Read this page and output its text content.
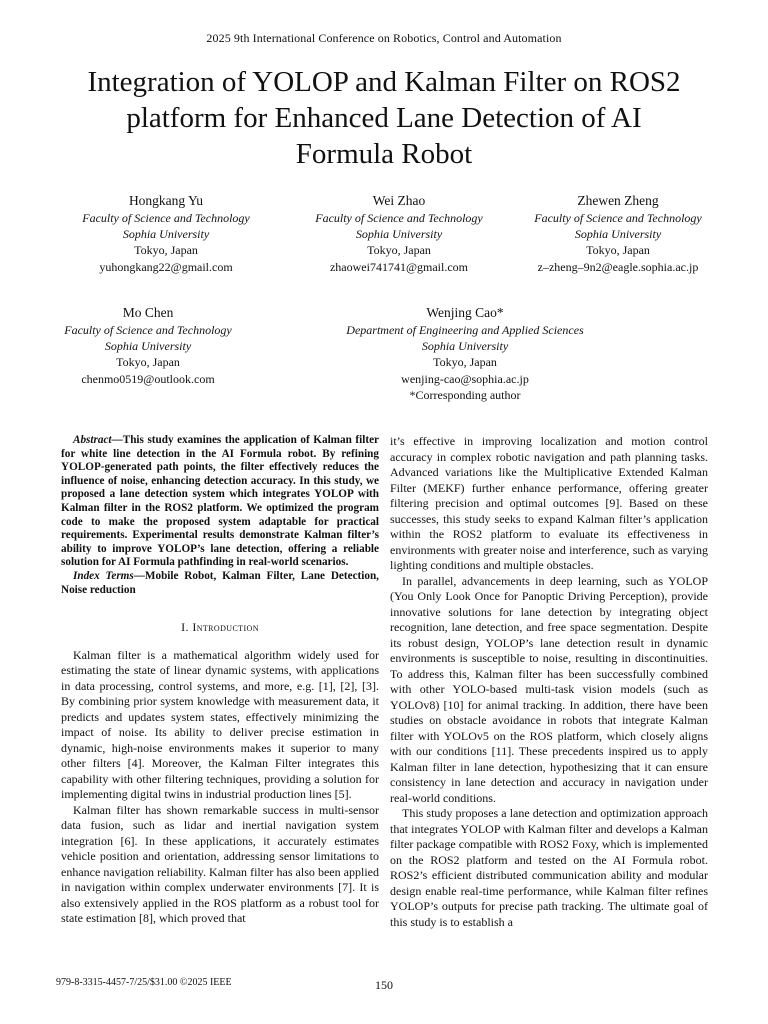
2025 9th International Conference on Robotics, Control and Automation
Integration of YOLOP and Kalman Filter on ROS2
platform for Enhanced Lane Detection of AI
Formula Robot
Hongkang Yu
Faculty of Science and Technology
Sophia University
Tokyo, Japan
yuhongkang22@gmail.com
Wei Zhao
Faculty of Science and Technology
Sophia University
Tokyo, Japan
zhaowei741741@gmail.com
Zhewen Zheng
Faculty of Science and Technology
Sophia University
Tokyo, Japan
z–zheng–9n2@eagle.sophia.ac.jp
Mo Chen
Faculty of Science and Technology
Sophia University
Tokyo, Japan
chenmo0519@outlook.com
Wenjing Cao*
Department of Engineering and Applied Sciences
Sophia University
Tokyo, Japan
wenjing-cao@sophia.ac.jp
*Corresponding author

Abstract—This study examines the application of Kalman filter for white line detection in the AI Formula robot. By refining YOLOP-generated path points, the filter effectively reduces the influence of noise, enhancing detection accuracy. In this study, we proposed a lane detection system which integrates YOLOP with Kalman filter in the ROS2 platform. We optimized the program code to make the proposed system adaptable for practical requirements. Experimental results demonstrate Kalman filter’s ability to improve YOLOP’s lane detection, offering a reliable solution for AI Formula pathfinding in real-world scenarios.

Index Terms—Mobile Robot, Kalman Filter, Lane Detection, Noise reduction

I. Introduction

Kalman filter is a mathematical algorithm widely used for estimating the state of linear dynamic systems, with applications in data processing, control systems, and more, e.g. [1], [2], [3]. By combining prior system knowledge with measurement data, it predicts and updates system states, effectively minimizing the impact of noise. Its ability to deliver precise estimation in dynamic, high-noise environments makes it superior to many other filters [4]. Moreover, the Kalman Filter integrates this capability with other filtering techniques, providing a solution for implementing digital twins in industrial production lines [5].

Kalman filter has shown remarkable success in multi-sensor data fusion, such as lidar and inertial navigation system integration [6]. In these applications, it accurately estimates vehicle position and orientation, addressing sensor limitations to enhance navigation reliability. Kalman filter has also been applied in navigation within complex underwater environments [7]. It is also extensively applied in the ROS platform as a robust tool for state estimation [8], which proved that

it’s effective in improving localization and motion control accuracy in complex robotic navigation and path planning tasks. Advanced variations like the Multiplicative Extended Kalman Filter (MEKF) further enhance performance, offering greater filtering precision and optimal outcomes [9]. Based on these successes, this study seeks to expand Kalman filter’s application within the ROS2 platform to evaluate its effectiveness in environments with greater noise and interference, such as varying lighting conditions and multiple obstacles.

In parallel, advancements in deep learning, such as YOLOP (You Only Look Once for Panoptic Driving Perception), provide innovative solutions for lane detection by integrating object recognition, lane detection, and free space segmentation. Despite its robust design, YOLOP’s lane detection result in dynamic environments is susceptible to noise, resulting in discontinuities. To address this, Kalman filter has been successfully combined with other YOLO-based multi-task vision models (such as YOLOv8) [10] for animal tracking. In addition, there have been studies on obstacle avoidance in robots that integrate Kalman filter with YOLOv5 on the ROS platform, which closely aligns with our conditions [11]. These precedents inspired us to apply Kalman filter in lane detection, hypothesizing that it can ensure consistency in lane detection and accuracy in navigation under real-world conditions.

This study proposes a lane detection and optimization approach that integrates YOLOP with Kalman filter and develops a Kalman filter package compatible with ROS2 Foxy, which is implemented on the ROS2 platform and tested on the AI Formula robot. ROS2’s efficient distributed communication ability and modular design enable real-time performance, while Kalman filter refines YOLOP’s outputs for precise path tracking. The ultimate goal of this study is to establish a

979-8-3315-4457-7/25/$31.00 ©2025 IEEE	150
